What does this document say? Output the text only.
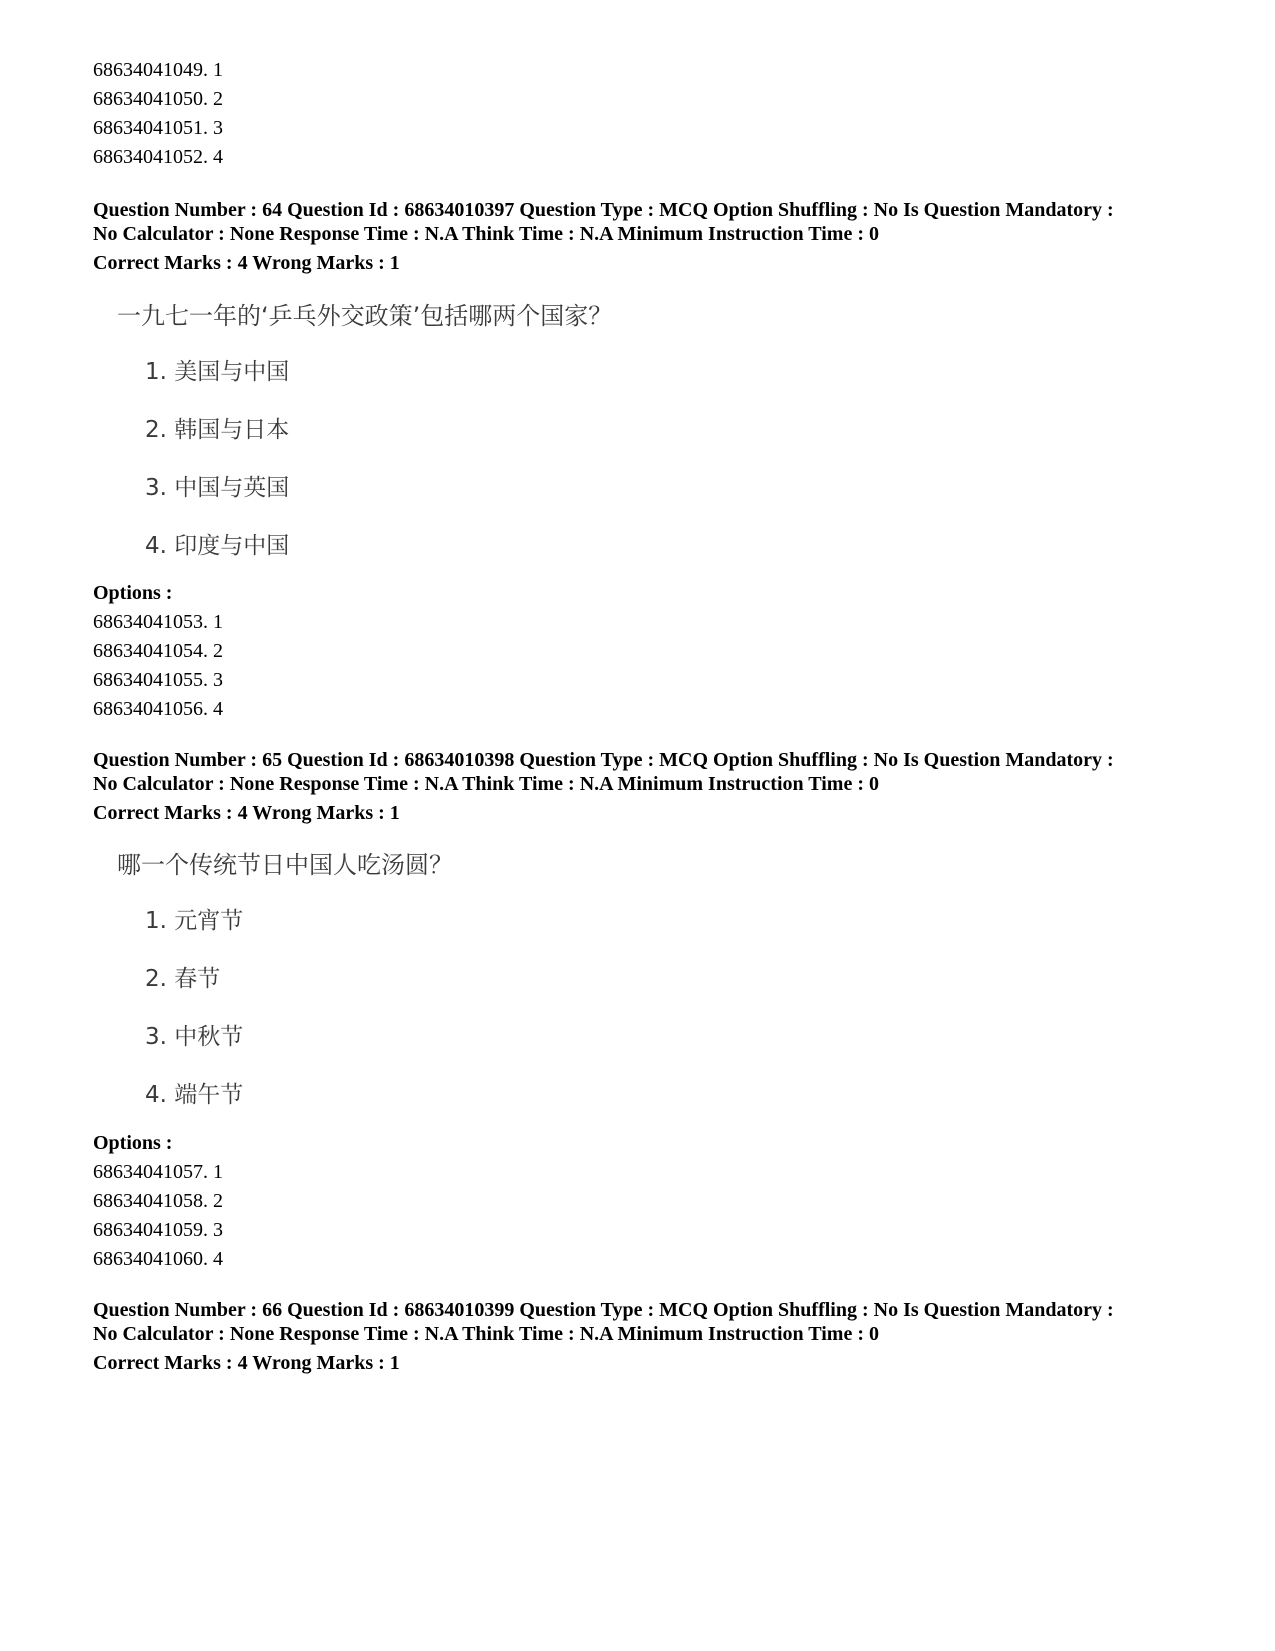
68634041049. 1
68634041050. 2
68634041051. 3
68634041052. 4
Question Number : 64 Question Id : 68634010397 Question Type : MCQ Option Shuffling : No Is Question Mandatory :
No Calculator : None Response Time : N.A Think Time : N.A Minimum Instruction Time : 0
Correct Marks : 4 Wrong Marks : 1
一九七一年的‘乒乓外交政策’包括哪两个国家？
1. 美国与中国
2. 韩国与日本
3. 中国与英国
4. 印度与中国
Options :
68634041053. 1
68634041054. 2
68634041055. 3
68634041056. 4
Question Number : 65 Question Id : 68634010398 Question Type : MCQ Option Shuffling : No Is Question Mandatory :
No Calculator : None Response Time : N.A Think Time : N.A Minimum Instruction Time : 0
Correct Marks : 4 Wrong Marks : 1
哪一个传统节日中国人吃汤圆？
1. 元宵节
2. 春节
3. 中秋节
4. 端午节
Options :
68634041057. 1
68634041058. 2
68634041059. 3
68634041060. 4
Question Number : 66 Question Id : 68634010399 Question Type : MCQ Option Shuffling : No Is Question Mandatory :
No Calculator : None Response Time : N.A Think Time : N.A Minimum Instruction Time : 0
Correct Marks : 4 Wrong Marks : 1
